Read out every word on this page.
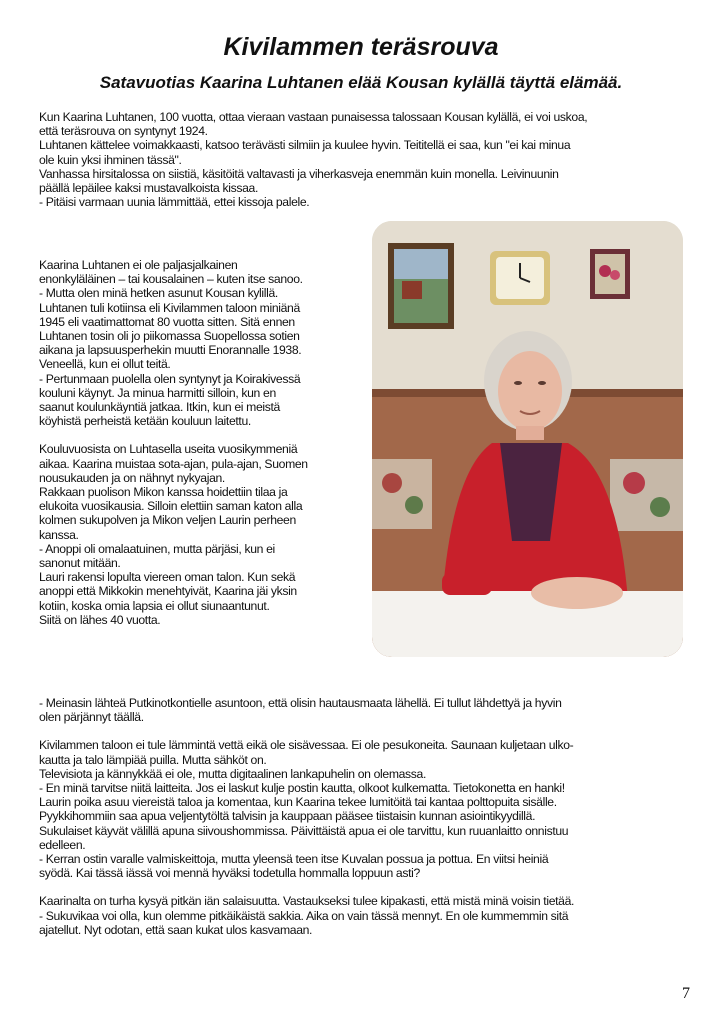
Kivilammen teräsrouva
Satavuotias Kaarina Luhtanen elää Kousan kylällä täyttä elämää.

Kun Kaarina Luhtanen, 100 vuotta, ottaa vieraan vastaan punaisessa talossaan Kousan kylällä, ei voi uskoa,

että teräsrouva on syntynyt 1924.

Luhtanen kättelee voimakkaasti, katsoo terävästi silmiin ja kuulee hyvin. Teititellä ei saa, kun "ei kai minua

ole kuin yksi ihminen tässä".

Vanhassa hirsitalossa on siistiä, käsitöitä valtavasti ja viherkasveja enemmän kuin monella. Leivinuunin

päällä lepäilee kaksi mustavalkoista kissaa.

- Pitäisi varmaan uunia lämmittää, ettei kissoja palele.

Kaarina Luhtanen ei ole paljasjalkainen

enonkyläläinen – tai kousalainen – kuten itse sanoo.

- Mutta olen minä hetken asunut Kousan kylillä.

Luhtanen tuli kotiinsa eli Kivilammen taloon miniänä

1945 eli vaatimattomat 80 vuotta sitten. Sitä ennen

Luhtanen tosin oli jo piikomassa Suopellossa sotien

aikana ja lapsuusperhekin muutti Enorannalle 1938.

Veneellä, kun ei ollut teitä.

- Pertunmaan puolella olen syntynyt ja Koirakivessä

kouluni käynyt. Ja minua harmitti silloin, kun en

saanut koulunkäyntiä jatkaa. Itkin, kun ei meistä

köyhistä perheistä ketään kouluun laitettu.

Kouluvuosista on Luhtasella useita vuosikymmeniä

aikaa. Kaarina muistaa sota-ajan, pula-ajan, Suomen

nousukauden ja on nähnyt nykyajan.

Rakkaan puolison Mikon kanssa hoidettiin tilaa ja

elukoita vuosikausia. Silloin elettiin saman katon alla

kolmen sukupolven ja Mikon veljen Laurin perheen

kanssa.

- Anoppi oli omalaatuinen, mutta pärjäsi, kun ei

sanonut mitään.

Lauri rakensi lopulta viereen oman talon. Kun sekä

anoppi että Mikkokin menehtyivät, Kaarina jäi yksin

kotiin, koska omia lapsia ei ollut siunaantunut.

Siitä on lähes 40 vuotta.

- Meinasin lähteä Putkinotkontielle asuntoon, että olisin hautausmaata lähellä. Ei tullut lähdettyä ja hyvin

olen pärjännyt täällä.

Kivilammen taloon ei tule lämmintä vettä eikä ole sisävessaa. Ei ole pesukoneita. Saunaan kuljetaan ulko-

kautta ja talo lämpiää puilla. Mutta sähköt on.

Televisiota ja kännykkää ei ole, mutta digitaalinen lankapuhelin on olemassa.

- En minä tarvitse niitä laitteita. Jos ei laskut kulje postin kautta, olkoot kulkematta. Tietokonetta en hanki!

Laurin poika asuu viereistä taloa ja komentaa, kun Kaarina tekee lumitöitä tai kantaa polttopuita sisälle.

Pyykkihommiin saa apua veljentytöltä talvisin ja kauppaan pääsee tiistaisin kunnan asiointikyydillä.

Sukulaiset käyvät välillä apuna siivoushommissa. Päivittäistä apua ei ole tarvittu, kun ruuanlaitto onnistuu

edelleen.

- Kerran ostin varalle valmiskeittoja, mutta yleensä teen itse Kuvalan possua ja pottua. En viitsi heiniä

syödä. Kai tässä iässä voi mennä hyväksi todetulla hommalla loppuun asti?

Kaarinalta on turha kysyä pitkän iän salaisuutta. Vastaukseksi tulee kipakasti, että mistä minä voisin tietää.

- Sukuvikaa voi olla, kun olemme pitkäikäistä sakkia. Aika on vain tässä mennyt. En ole kummemmin sitä

ajatellut. Nyt odotan, että saan kukat ulos kasvamaan.

7
